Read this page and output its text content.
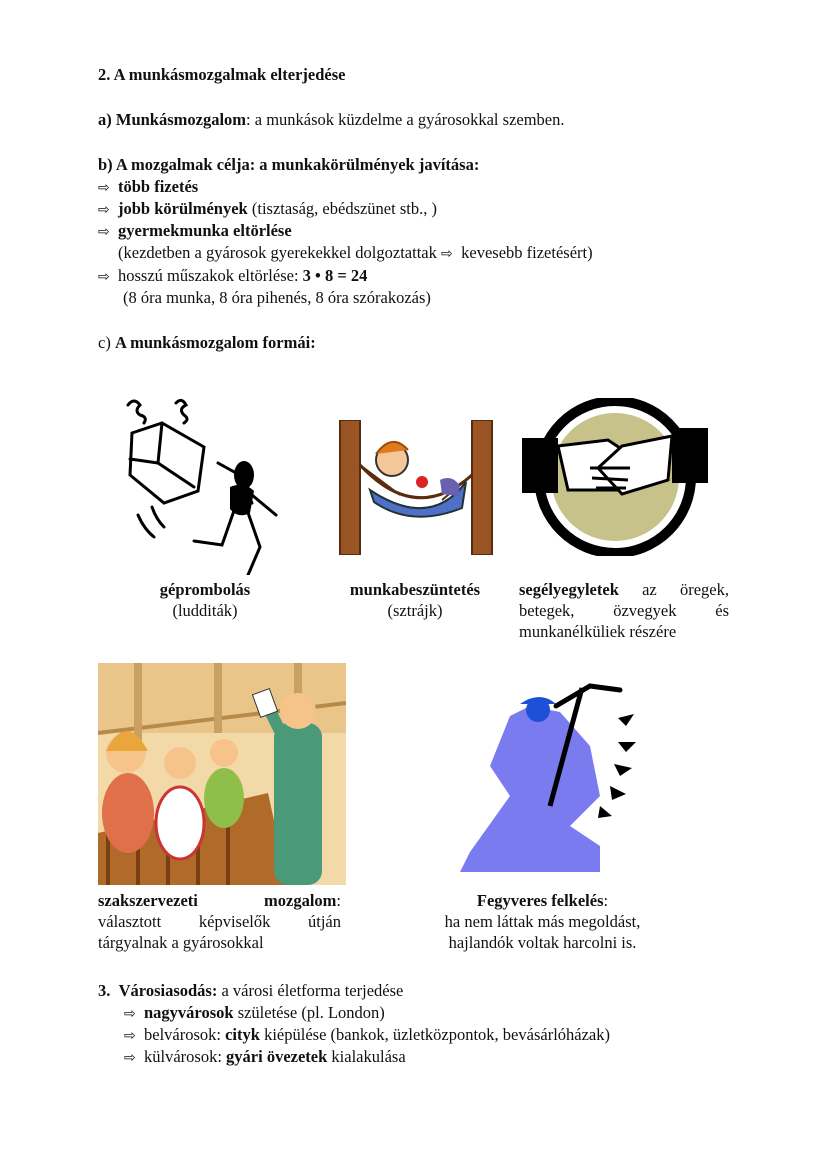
2. A munkásmozgalmak elterjedése
a) Munkásmozgalom: a munkások küzdelme a gyárosokkal szemben.
b) A mozgalmak célja: a munkakörülmények javítása:
⇨ több fizetés
⇨ jobb körülmények (tisztaság, ebédszünet stb., )
⇨ gyermekmunka eltörlése
(kezdetben a gyárosok gyerekekkel dolgoztattak ⇨ kevesebb fizetésért)
⇨ hosszú műszakok eltörlése: 3 • 8 = 24
(8 óra munka, 8 óra pihenés, 8 óra szórakozás)
c) A munkásmozgalom formái:
géprombolás
(ludditák)
munkabeszüntetés
(sztrájk)
segélyegyletek az öregek,
betegek, özvegyek és
munkanélküliek részére
szakszervezeti mozgalom:
választott képviselők útján
tárgyalnak a gyárosokkal
Fegyveres felkelés:
ha nem láttak más megoldást,
hajlandók voltak harcolni is.
3. Városiasodás: a városi életforma terjedése
⇨ nagyvárosok születése (pl. London)
⇨ belvárosok: cityk kiépülése (bankok, üzletközpontok, bevásárlóházak)
⇨ külvárosok: gyári övezetek kialakulása
